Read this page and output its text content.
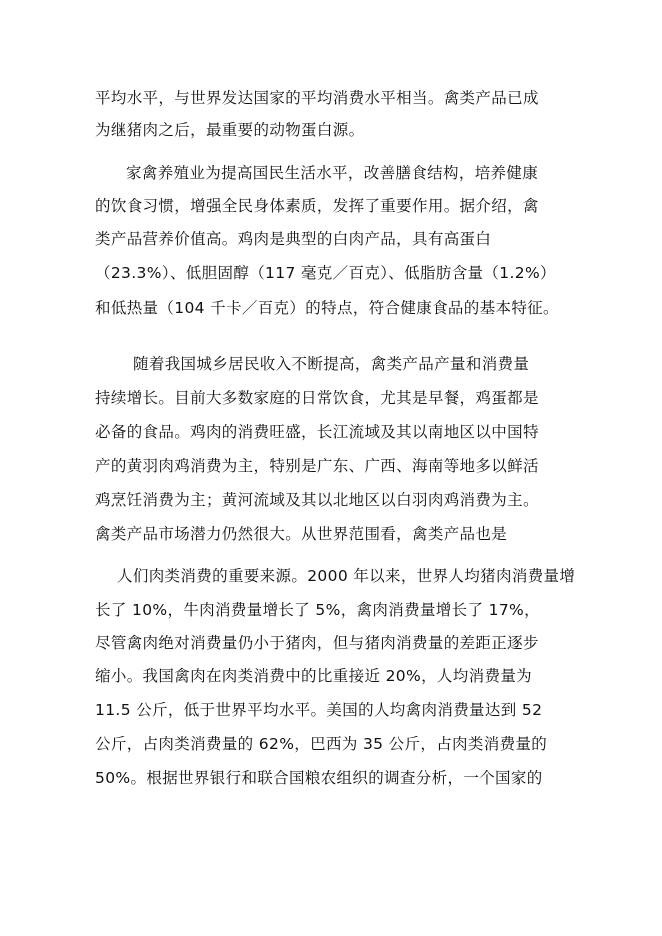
平均水平，与世界发达国家的平均消费水平相当。禽类产品已成
为继猪肉之后，最重要的动物蛋白源。
家禽养殖业为提高国民生活水平，改善膳食结构，培养健康
的饮食习惯，增强全民身体素质，发挥了重要作用。据介绍，禽
类产品营养价值高。鸡肉是典型的白肉产品，具有高蛋白
（23.3%）、低胆固醇（117 毫克／百克）、低脂肪含量（1.2%）
和低热量（104 千卡／百克）的特点，符合健康食品的基本特征。
随着我国城乡居民收入不断提高，禽类产品产量和消费量
持续增长。目前大多数家庭的日常饮食，尤其是早餐，鸡蛋都是
必备的食品。鸡肉的消费旺盛，长江流域及其以南地区以中国特
产的黄羽肉鸡消费为主，特别是广东、广西、海南等地多以鲜活
鸡烹饪消费为主；黄河流域及其以北地区以白羽肉鸡消费为主。
禽类产品市场潜力仍然很大。从世界范围看，禽类产品也是
人们肉类消费的重要来源。2000 年以来，世界人均猪肉消费量增
长了 10%，牛肉消费量增长了 5%，禽肉消费量增长了 17%，
尽管禽肉绝对消费量仍小于猪肉，但与猪肉消费量的差距正逐步
缩小。我国禽肉在肉类消费中的比重接近 20%，人均消费量为
11.5 公斤，低于世界平均水平。美国的人均禽肉消费量达到 52
公斤，占肉类消费量的 62%，巴西为 35 公斤，占肉类消费量的
50%。根据世界银行和联合国粮农组织的调查分析，一个国家的
